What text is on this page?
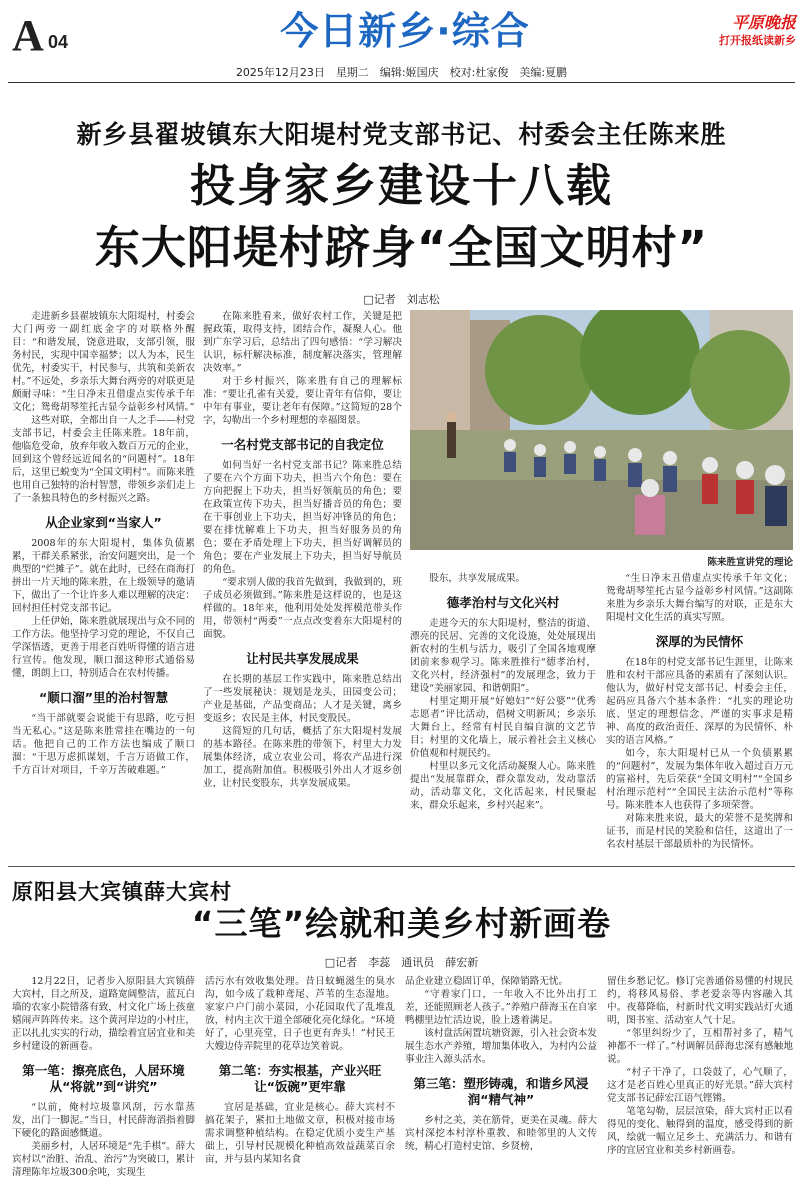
A 04	今日新乡·综合	平原晚报
打开报纸读新乡
2025年12月23日　星期二　编辑:姬国庆　校对:杜家俊　美编:夏鹏
新乡县翟坡镇东大阳堤村党支部书记、村委会主任陈来胜
投身家乡建设十八载
东大阳堤村跻身“全国文明村”
□记者　刘志松

走进新乡县翟坡镇东大阳堤村，村委会大门两旁一副红底金字的对联格外醒目：“和谐发展，饶意进取，支部引领，服务村民，实现中国幸福梦；以人为本，民生优先，村委实干，村民参与，共筑和美新农村。”不远处，乡亲乐大舞台两旁的对联更是颇耐寻味：“生日净末丑借虚点实传承千年文化；鸳鸯胡琴笙托古显今益彰乡村风情。”

这些对联，全都出自一人之手——村党支部书记，村委会主任陈来胜。18年前，他临危受命，放弃年收入数百万元的企业，回到这个曾经远近闻名的“问题村”。18年后，这里已蜕变为“全国文明村”。而陈来胜也用自己独特的治村智慧，带领乡亲们走上了一条独具特色的乡村振兴之路。

从企业家到“当家人”

2008年的东大阳堤村，集体负债累累，干群关系紧张，治安问题突出，是一个典型的“烂摊子”。就在此时，已经在商海打拼出一片天地的陈来胜，在上级领导的邀请下，做出了一个让许多人难以理解的决定：回村担任村党支部书记。

上任伊始，陈来胜就展现出与众不同的工作方法。他坚持学习党的理论，不仅自己学深悟透，更善于用老百姓听得懂的语言进行宣传。他发现，顺口溜这种形式通俗易懂，朗朗上口，特别适合在农村传播。

“顺口溜”里的治村智慧

“当干部就要会说能干有思路，吃亏担当无私心。”这是陈来胜常挂在嘴边的一句话。他把自己的工作方法也编成了顺口溜：“干思万虑抓谋划，千言万语做工作，千方百计对项目，千辛万苦破难题。”

在陈来胜看来，做好农村工作，关键是把握政策，取得支持，团结合作，凝聚人心。他到广东学习后，总结出了四句感悟：“学习解决认识，标杆解决标准，制度解决落实，管理解决效率。”

对于乡村振兴，陈来胜有自己的理解标准：“要让孔雀有关爱，要让青年有信仰，要让中年有事业，要让老年有保障。”这简短的28个字，勾勒出一个乡村理想的幸福图景。

一名村党支部书记的自我定位

如何当好一名村党支部书记？陈来胜总结了要在六个方面下功夫，担当六个角色：要在方向把握上下功夫，担当好领航员的角色；要在政策宣传下功夫，担当好播音员的角色；要在干事创业上下功夫，担当好冲锋员的角色；要在排忧解难上下功夫，担当好服务员的角色；要在矛盾处理上下功夫，担当好调解员的角色；要在产业发展上下功夫，担当好导航员的角色。

“要求别人做的我首先做到，我做到的，班子成员必须做到。”陈来胜是这样说的，也是这样做的。18年来，他利用处处发挥模范带头作用，带领村“两委”一点点改变着东大阳堤村的面貌。

让村民共享发展成果

在长期的基层工作实践中，陈来胜总结出了一些发展秘诀：规划是龙头，田园变公司；产业是基础，产品变商品；人才是关键，离乡变返乡；农民是主体，村民变股民。

这简短的几句话，概括了东大阳堤村发展的基本路径。在陈来胜的带领下，村里大力发展集体经济，成立农业公司，将农产品进行深加工，提高附加值。积极吸引外出人才返乡创业，让村民变股东，共享发展成果。

陈来胜宣讲党的理论

股东，共享发展成果。

德孝治村与文化兴村

走进今天的东大阳堤村，整洁的街道、漂亮的民居、完善的文化设施，处处展现出新农村的生机与活力，吸引了全国各地观摩团前来参观学习。陈来胜推行“德孝治村，文化兴村，经济强村”的发展理念，致力于建设“美丽家园、和谐朝阳”。

村里定期开展“好媳妇”“好公婆”“优秀志愿者”评比活动，倡树文明新风；乡亲乐大舞台上，经常有村民自编自演的文艺节目；村里的文化墙上，展示着社会主义核心价值观和村规民约。

村里以多元文化活动凝聚人心。陈来胜提出“发展靠群众，群众靠发动，发动靠活动，活动靠文化，文化活起来，村民聚起来，群众乐起来，乡村兴起来”。

“生日净末丑借虚点实传承千年文化；鸳鸯胡琴笙托古显今益彰乡村风情。”这副陈来胜为乡亲乐大舞台编写的对联，正是东大阳堤村文化生活的真实写照。

深厚的为民情怀

在18年的村党支部书记生涯里，让陈来胜和农村干部应具备的素质有了深刻认识。他认为，做好村党支部书记、村委会主任，起码应具备六个基本条件：“扎实的理论功底、坚定的理想信念、严谨的实事求是精神、高度的政治责任、深厚的为民情怀、朴实的语言风格。”

如今，东大阳堤村已从一个负债累累的“问题村”，发展为集体年收入超过百万元的富裕村，先后荣获“全国文明村”“全国乡村治理示范村”“全国民主法治示范村”等称号。陈来胜本人也获得了多项荣誉。

对陈来胜来说，最大的荣誉不是奖牌和证书，而是村民的笑脸和信任，这道出了一名农村基层干部最质朴的为民情怀。

原阳县大宾镇薛大宾村
“三笔”绘就和美乡村新画卷
□记者　李蕊　通讯员　薛宏新

12月22日，记者步入原阳县大宾镇薛大宾村，目之所及，道路宽阔整洁，蓝瓦白墙的农家小院错落有致，村文化广场上孩童嬉闹声阵阵传来。这个黄河岸边的小村庄，正以扎扎实实的行动，描绘着宜居宜业和美乡村建设的新画卷。

第一笔：擦亮底色，人居环境从“将就”到“讲究”

“以前，俺村垃圾靠风刮，污水靠蒸发，出门一脚泥。”当日，村民薛海滔指着脚下硬化的路面感慨道。

美丽乡村，人居环境是“先手棋”。薛大宾村以“治脏、治乱、治污”为突破口，累计清理陈年垃圾300余吨，实现生

活污水有效收集处理。昔日蚊蝇滋生的臭水沟，如今成了栽种鸢尾、芦苇的生态湿地。家家户户门前小菜园，小花园取代了乱堆乱放，村内主次干道全部硬化亮化绿化。“环境好了，心里亮堂，日子也更有奔头！”村民王大嫂边侍弄院里的花草边笑着说。

第二笔：夯实根基，产业兴旺让“饭碗”更牢靠

宜居是基础，宜业是核心。薛大宾村不搞花架子，紧扣土地做文章，积极对接市场需求调整种植结构。在稳定优质小麦生产基础上，引导村民规模化种植高效益蔬菜百余亩，并与县内某知名食

品企业建立稳固订单，保障销路无忧。

“守着家门口，一年收入不比外出打工差，还能照顾老人孩子。”养殖户薛海玉在自家鸭棚里边忙活边说，脸上透着满足。

该村盘活闲置坑塘资源，引入社会资本发展生态水产养殖，增加集体收入，为村内公益事业注入源头活水。

第三笔：塑形铸魂，和谐乡风浸润“精气神”

乡村之美，美在筋骨，更美在灵魂。薛大宾村深挖本村淳朴重教、和睦邻里的人文传统，精心打造村史馆、乡贤榜，

留住乡愁记忆。修订完善通俗易懂的村规民约，将移风易俗、孝老爱亲等内容融入其中。夜幕降临，村新时代文明实践站灯火通明，图书室、活动室人气十足。

“邻里纠纷少了，互相帮衬多了，精气神都不一样了。”村调解员薛海忠深有感触地说。

“村子干净了，口袋鼓了，心气顺了，这才是老百姓心里真正的好光景。”薛大宾村党支部书记薛宏江语气铿锵。

笔笔勾勒，层层渲染，薛大宾村正以看得见的变化、触得到的温度，感受得到的新风，绘就一幅立足乡土、充满活力、和谐有序的宜居宜业和美乡村新画卷。
